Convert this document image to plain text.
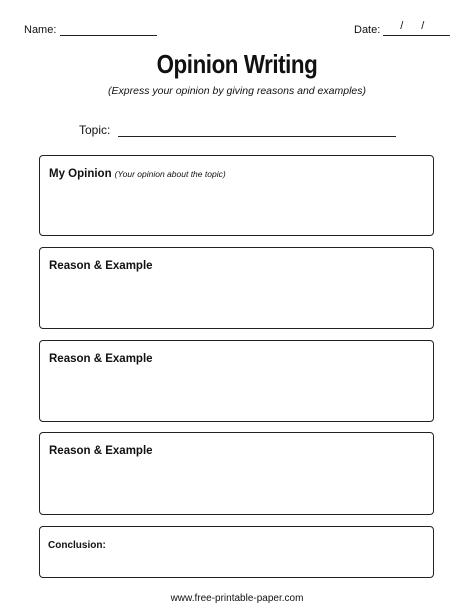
Name:	Date: / /
Opinion Writing
(Express your opinion by giving reasons and examples)
Topic:
My Opinion (Your opinion about the topic)
Reason & Example
Reason & Example
Reason & Example
Conclusion:
www.free-printable-paper.com
